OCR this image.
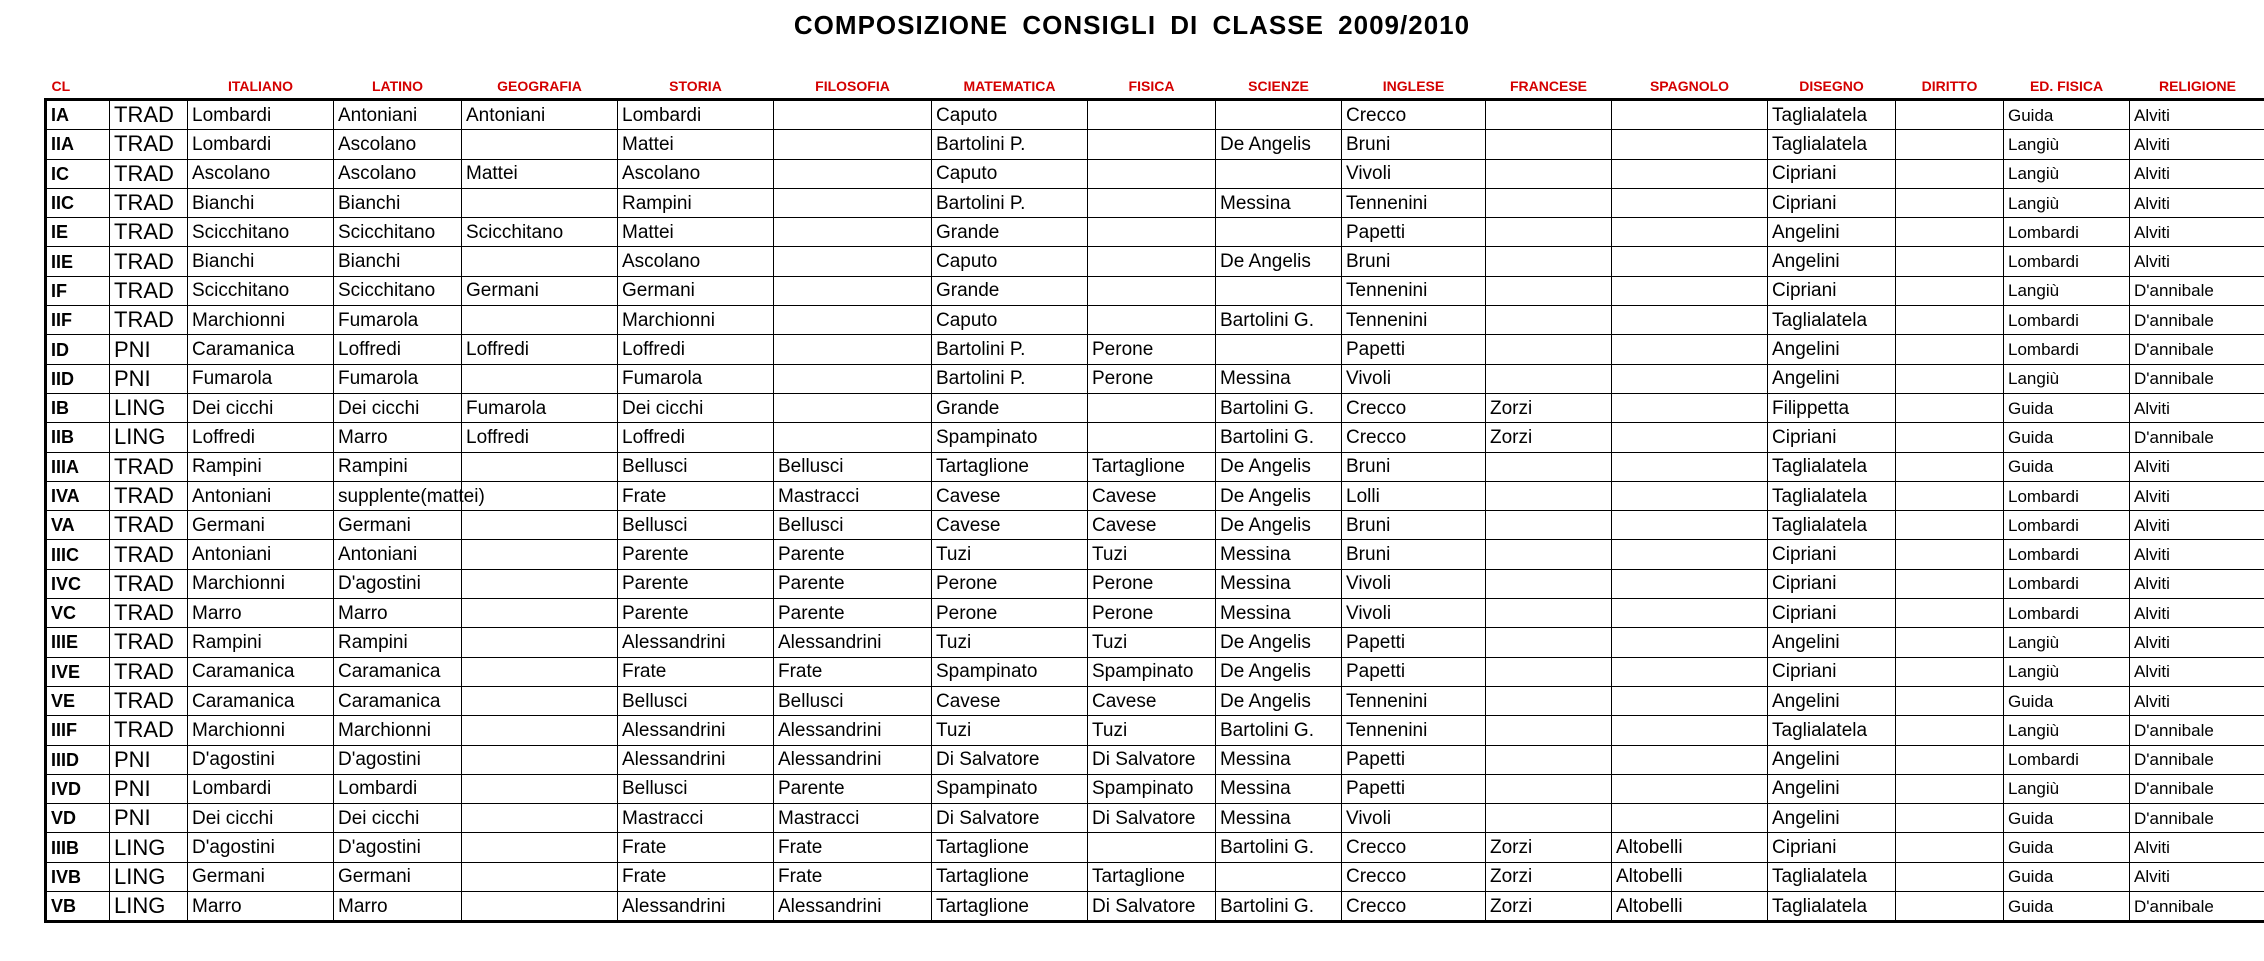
COMPOSIZIONE CONSIGLI DI CLASSE 2009/2010
CL		ITALIANO	LATINO	GEOGRAFIA	STORIA	FILOSOFIA	MATEMATICA	FISICA	SCIENZE	INGLESE	FRANCESE	SPAGNOLO	DISEGNO	DIRITTO	ED. FISICA	RELIGIONE
IA	TRAD	Lombardi	Antoniani	Antoniani	Lombardi		Caputo			Crecco			Taglialatela		Guida	Alviti
IIA	TRAD	Lombardi	Ascolano		Mattei		Bartolini P.		De Angelis	Bruni			Taglialatela		Langiù	Alviti
IC	TRAD	Ascolano	Ascolano	Mattei	Ascolano		Caputo			Vivoli			Cipriani		Langiù	Alviti
IIC	TRAD	Bianchi	Bianchi		Rampini		Bartolini P.		Messina	Tennenini			Cipriani		Langiù	Alviti
IE	TRAD	Scicchitano	Scicchitano	Scicchitano	Mattei		Grande			Papetti			Angelini		Lombardi	Alviti
IIE	TRAD	Bianchi	Bianchi		Ascolano		Caputo		De Angelis	Bruni			Angelini		Lombardi	Alviti
IF	TRAD	Scicchitano	Scicchitano	Germani	Germani		Grande			Tennenini			Cipriani		Langiù	D'annibale
IIF	TRAD	Marchionni	Fumarola		Marchionni		Caputo		Bartolini G.	Tennenini			Taglialatela		Lombardi	D'annibale
ID	PNI	Caramanica	Loffredi	Loffredi	Loffredi		Bartolini P.	Perone		Papetti			Angelini		Lombardi	D'annibale
IID	PNI	Fumarola	Fumarola		Fumarola		Bartolini P.	Perone	Messina	Vivoli			Angelini		Langiù	D'annibale
IB	LING	Dei cicchi	Dei cicchi	Fumarola	Dei cicchi		Grande		Bartolini G.	Crecco	Zorzi		Filippetta		Guida	Alviti
IIB	LING	Loffredi	Marro	Loffredi	Loffredi		Spampinato		Bartolini G.	Crecco	Zorzi		Cipriani		Guida	D'annibale
IIIA	TRAD	Rampini	Rampini		Bellusci	Bellusci	Tartaglione	Tartaglione	De Angelis	Bruni			Taglialatela		Guida	Alviti
IVA	TRAD	Antoniani	supplente(mattei)		Frate	Mastracci	Cavese	Cavese	De Angelis	Lolli			Taglialatela		Lombardi	Alviti
VA	TRAD	Germani	Germani		Bellusci	Bellusci	Cavese	Cavese	De Angelis	Bruni			Taglialatela		Lombardi	Alviti
IIIC	TRAD	Antoniani	Antoniani		Parente	Parente	Tuzi	Tuzi	Messina	Bruni			Cipriani		Lombardi	Alviti
IVC	TRAD	Marchionni	D'agostini		Parente	Parente	Perone	Perone	Messina	Vivoli			Cipriani		Lombardi	Alviti
VC	TRAD	Marro	Marro		Parente	Parente	Perone	Perone	Messina	Vivoli			Cipriani		Lombardi	Alviti
IIIE	TRAD	Rampini	Rampini		Alessandrini	Alessandrini	Tuzi	Tuzi	De Angelis	Papetti			Angelini		Langiù	Alviti
IVE	TRAD	Caramanica	Caramanica		Frate	Frate	Spampinato	Spampinato	De Angelis	Papetti			Cipriani		Langiù	Alviti
VE	TRAD	Caramanica	Caramanica		Bellusci	Bellusci	Cavese	Cavese	De Angelis	Tennenini			Angelini		Guida	Alviti
IIIF	TRAD	Marchionni	Marchionni		Alessandrini	Alessandrini	Tuzi	Tuzi	Bartolini G.	Tennenini			Taglialatela		Langiù	D'annibale
IIID	PNI	D'agostini	D'agostini		Alessandrini	Alessandrini	Di Salvatore	Di Salvatore	Messina	Papetti			Angelini		Lombardi	D'annibale
IVD	PNI	Lombardi	Lombardi		Bellusci	Parente	Spampinato	Spampinato	Messina	Papetti			Angelini		Langiù	D'annibale
VD	PNI	Dei cicchi	Dei cicchi		Mastracci	Mastracci	Di Salvatore	Di Salvatore	Messina	Vivoli			Angelini		Guida	D'annibale
IIIB	LING	D'agostini	D'agostini		Frate	Frate	Tartaglione		Bartolini G.	Crecco	Zorzi	Altobelli	Cipriani		Guida	Alviti
IVB	LING	Germani	Germani		Frate	Frate	Tartaglione	Tartaglione		Crecco	Zorzi	Altobelli	Taglialatela		Guida	Alviti
VB	LING	Marro	Marro		Alessandrini	Alessandrini	Tartaglione	Di Salvatore	Bartolini G.	Crecco	Zorzi	Altobelli	Taglialatela		Guida	D'annibale
